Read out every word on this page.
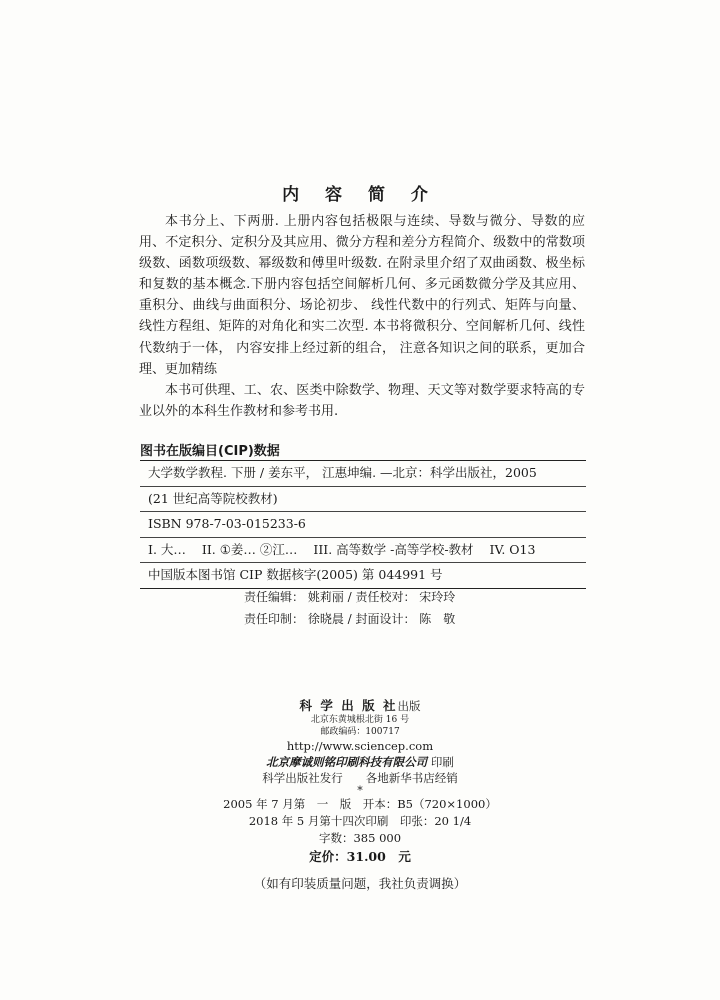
内 容 简 介

本书分上、下两册. 上册内容包括极限与连续、导数与微分、导数的应用、不定积分、定积分及其应用、微分方程和差分方程简介、级数中的常数项级数、函数项级数、幂级数和傅里叶级数. 在附录里介绍了双曲函数、极坐标和复数的基本概念.下册内容包括空间解析几何、多元函数微分学及其应用、重积分、曲线与曲面积分、场论初步、 线性代数中的行列式、矩阵与向量、线性方程组、矩阵的对角化和实二次型. 本书将微积分、空间解析几何、线性代数纳于一体， 内容安排上经过新的组合， 注意各知识之间的联系，更加合理、更加精练

本书可供理、工、农、医类中除数学、物理、天文等对数学要求特高的专业以外的本科生作教材和参考书用.

图书在版编目(CIP)数据
大学数学教程. 下册 / 姜东平， 江惠坤编. —北京：科学出版社，2005
(21 世纪高等院校教材)
ISBN 978-7-03-015233-6
I. 大… II. ①姜… ②江… III. 高等数学 -高等学校-教材 IV. O13
中国版本图书馆 CIP 数据核字(2005) 第 044991 号
责任编辑： 姚莉丽 / 责任校对： 宋玲玲
责任印制： 徐晓晨 / 封面设计： 陈　敬
科 学 出 版 社出版
北京东黄城根北街 16 号
邮政编码：100717
http://www.sciencep.com
北京摩诚则铭印刷科技有限公司 印刷
科学出版社发行　　各地新华书店经销
*
2005 年 7 月第　一　版　开本：B5（720×1000）
2018 年 5 月第十四次印刷　印张：20 1/4
字数：385 000
定价：31.00　元
（如有印装质量问题，我社负责调换）
